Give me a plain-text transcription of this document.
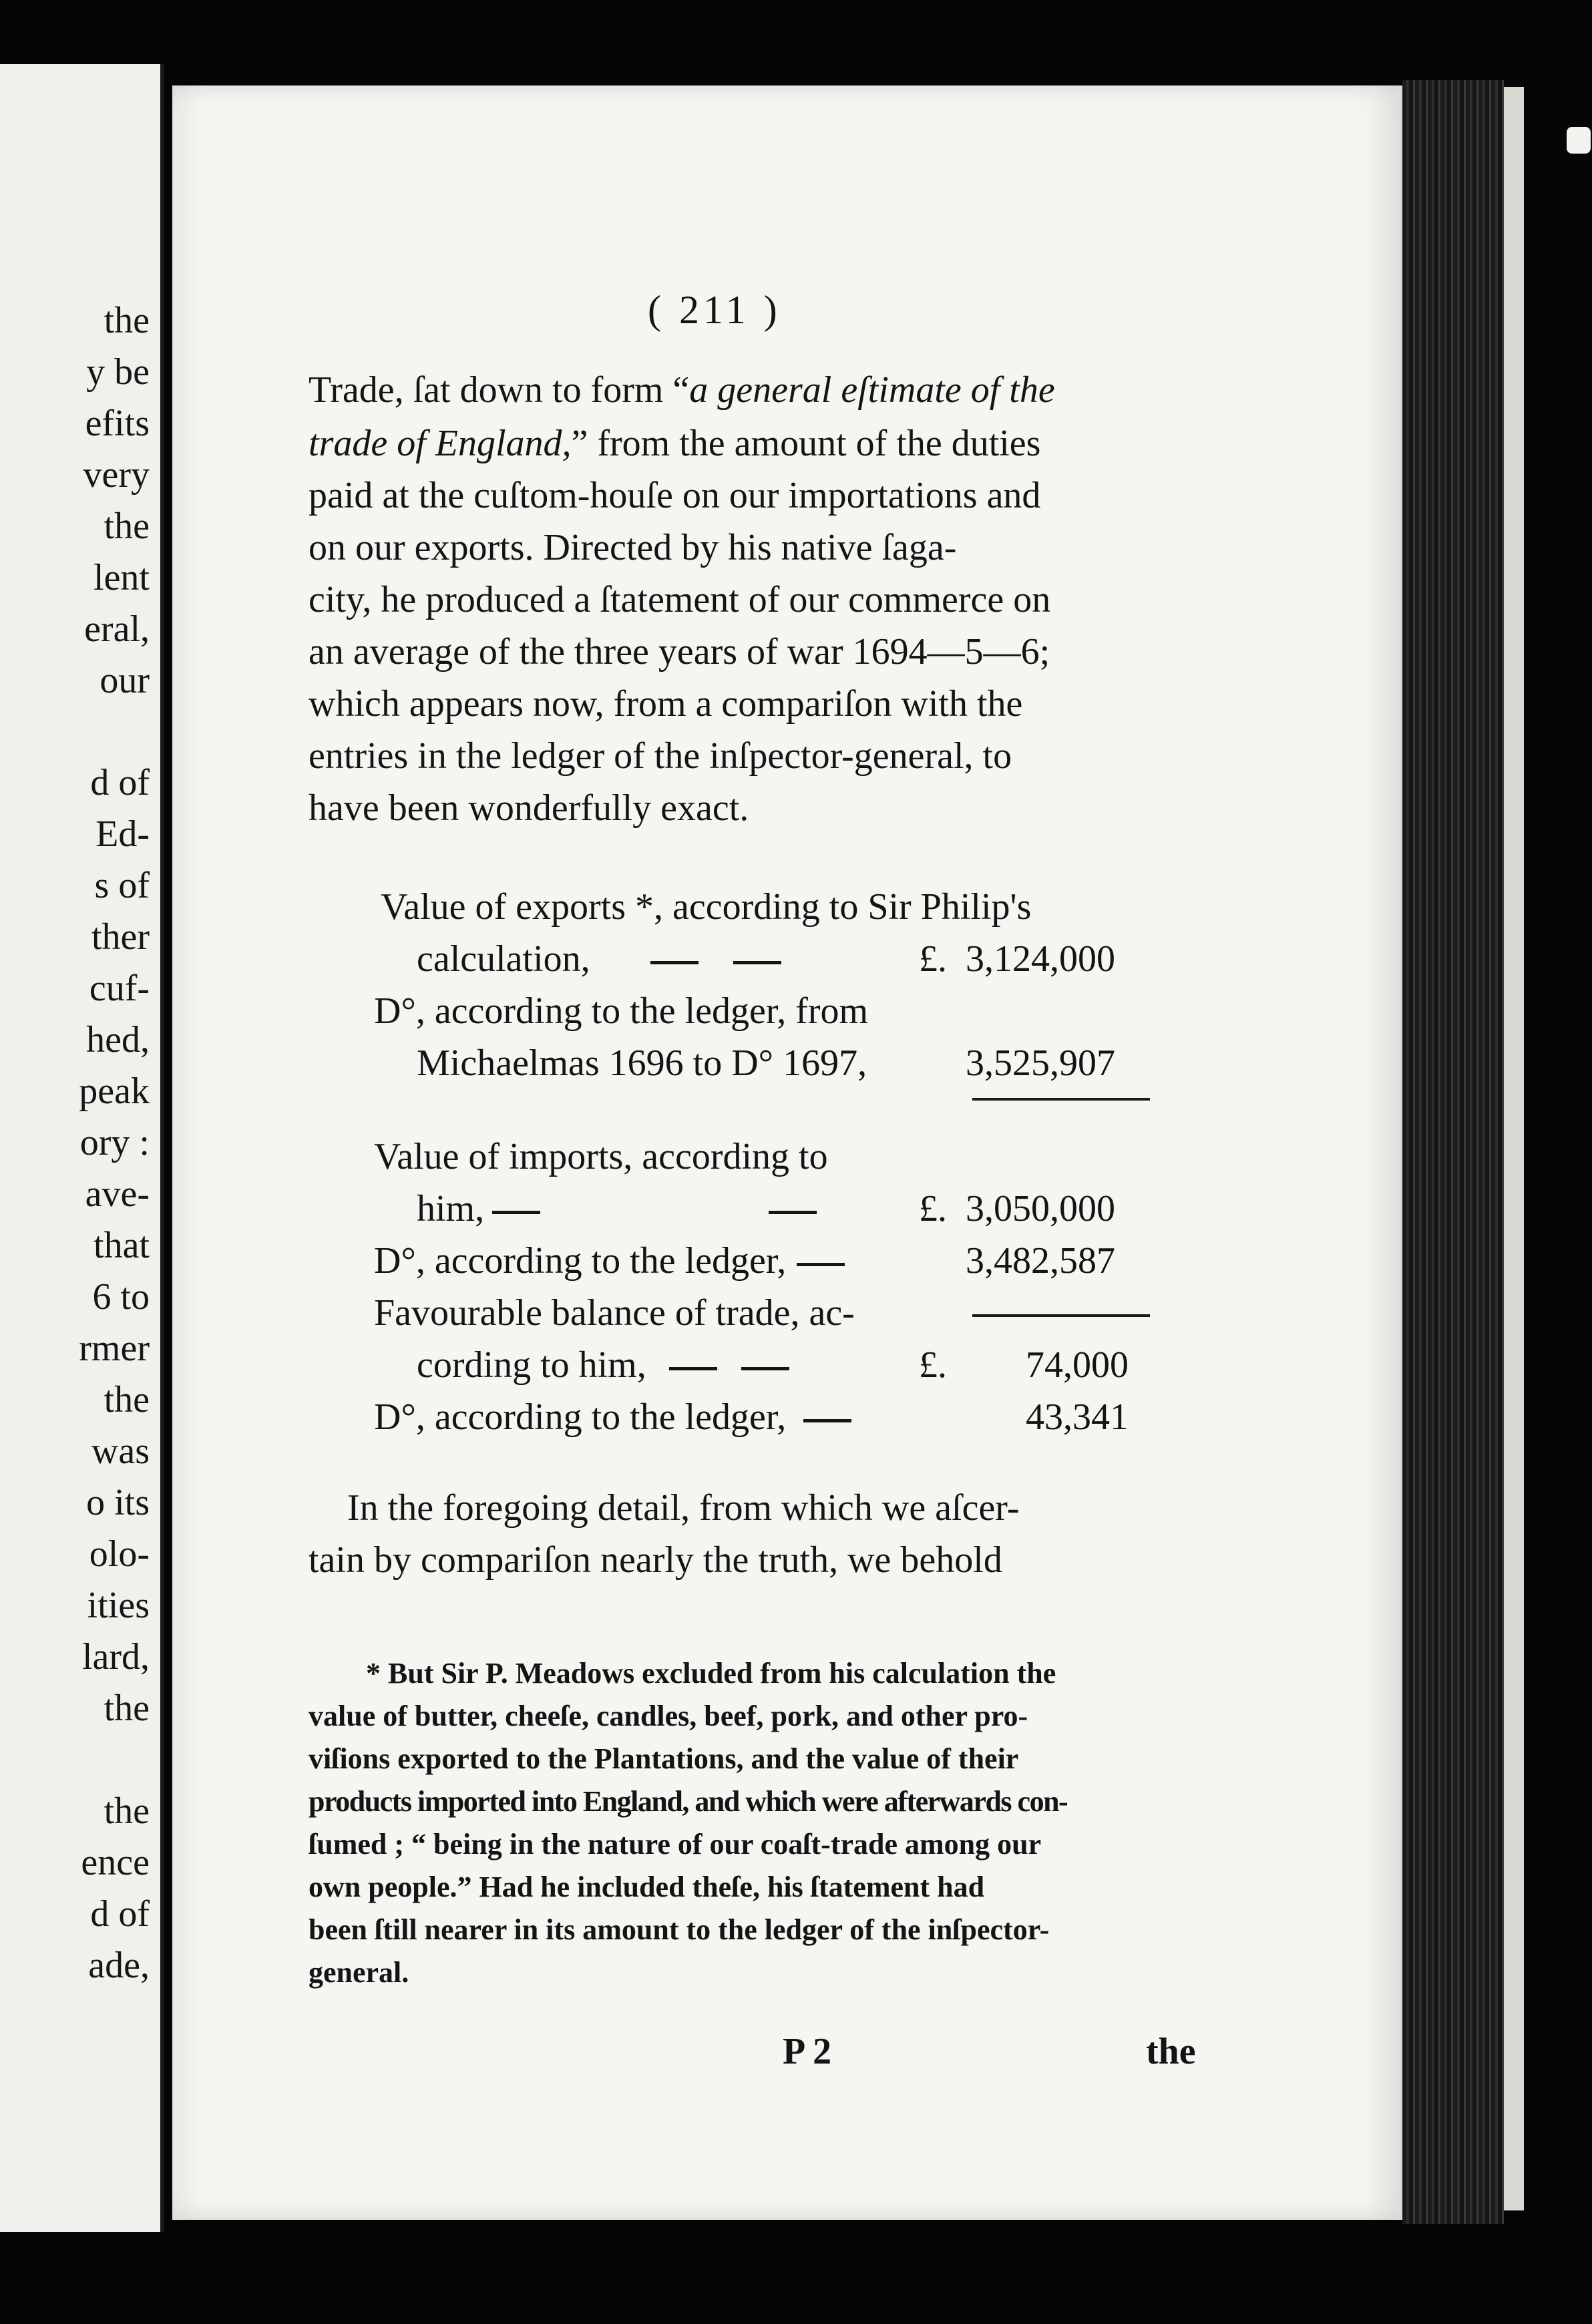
the
y be
efits
very
the
lent
eral,
our
d of
Ed-
s of
ther
cuf-
hed,
peak
ory :
ave-
that
6 to
rmer
the
was
o its
olo-
ities
lard,
the
the
ence
d of
ade,
( 211 )
Trade, ſat down to form “a general eſtimate of the
trade of England,” from the amount of the duties
paid at the cuſtom-houſe on our importations and
on our exports. Directed by his native ſaga-
city, he produced a ſtatement of our commerce on
an average of the three years of war 1694—5—6;
which appears now, from a compariſon with the
entries in the ledger of the inſpector-general, to
have been wonderfully exact.
Value of exports *, according to Sir Philip's
calculation,	£. 3,124,000
D°, according to the ledger, from
Michaelmas 1696 to D° 1697,	3,525,907
Value of imports, according to
him,	£. 3,050,000
D°, according to the ledger,	3,482,587
Favourable balance of trade, ac-
cording to him,	£. 74,000
D°, according to the ledger,	43,341
In the foregoing detail, from which we aſcer-
tain by compariſon nearly the truth, we behold
* But Sir P. Meadows excluded from his calculation the
value of butter, cheeſe, candles, beef, pork, and other pro-
viſions exported to the Plantations, and the value of their
products imported into England, and which were afterwards con-
ſumed ; “ being in the nature of our coaſt-trade among our
own people.” Had he included theſe, his ſtatement had
been ſtill nearer in its amount to the ledger of the inſpector-
general.
P 2	the
